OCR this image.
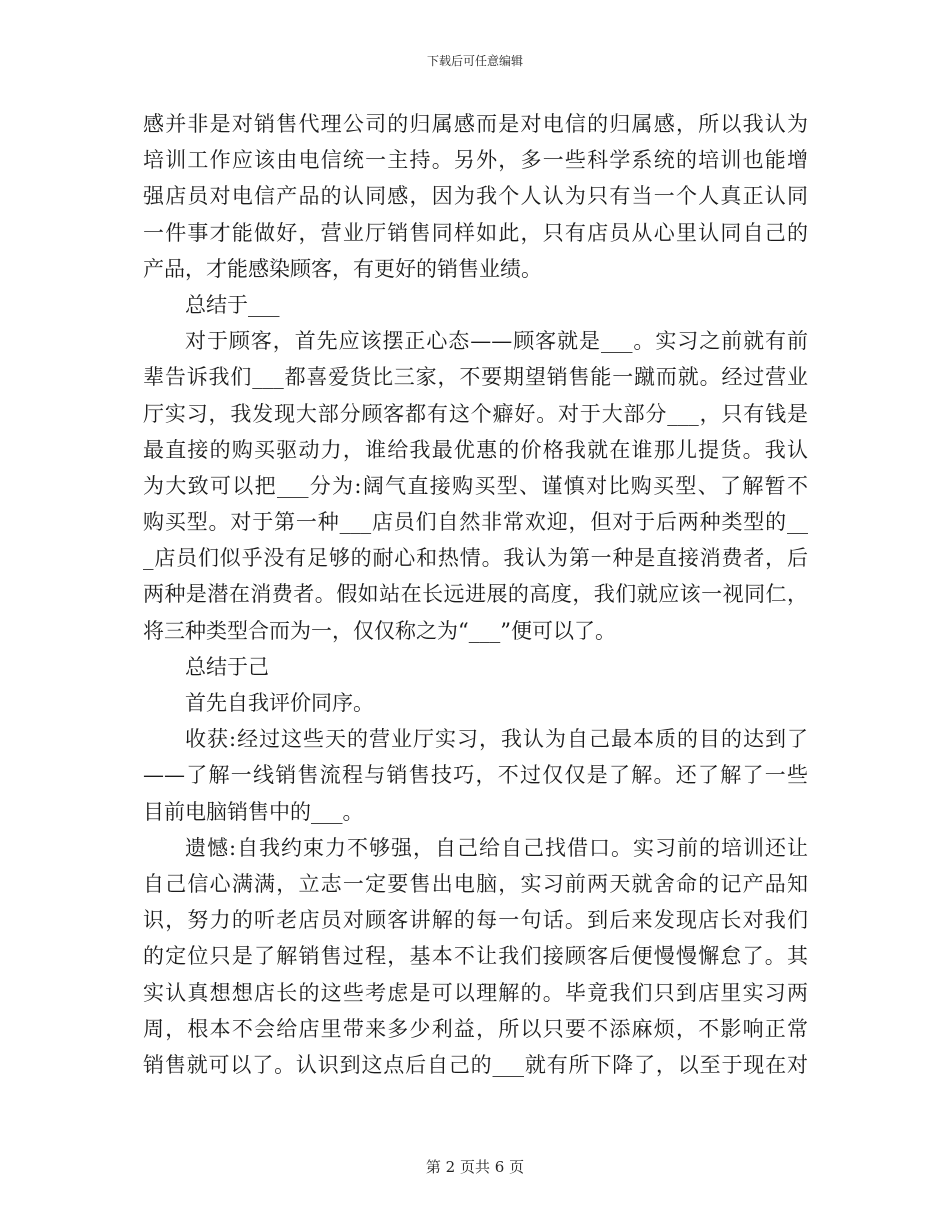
下载后可任意编辑
感并非是对销售代理公司的归属感而是对电信的归属感，所以我认为
培训工作应该由电信统一主持。另外，多一些科学系统的培训也能增
强店员对电信产品的认同感，因为我个人认为只有当一个人真正认同
一件事才能做好，营业厅销售同样如此，只有店员从心里认同自己的
产品，才能感染顾客，有更好的销售业绩。
总结于___
对于顾客，首先应该摆正心态——顾客就是___。实习之前就有前
辈告诉我们___都喜爱货比三家，不要期望销售能一蹴而就。经过营业
厅实习，我发现大部分顾客都有这个癖好。对于大部分___，只有钱是
最直接的购买驱动力，谁给我最优惠的价格我就在谁那儿提货。我认
为大致可以把___分为:阔气直接购买型、谨慎对比购买型、了解暂不
购买型。对于第一种___店员们自然非常欢迎，但对于后两种类型的__
_店员们似乎没有足够的耐心和热情。我认为第一种是直接消费者，后
两种是潜在消费者。假如站在长远进展的高度，我们就应该一视同仁，
将三种类型合而为一，仅仅称之为“___”便可以了。
总结于己
首先自我评价同序。
收获:经过这些天的营业厅实习，我认为自己最本质的目的达到了
——了解一线销售流程与销售技巧，不过仅仅是了解。还了解了一些
目前电脑销售中的___。
遗憾:自我约束力不够强，自己给自己找借口。实习前的培训还让
自己信心满满，立志一定要售出电脑，实习前两天就舍命的记产品知
识，努力的听老店员对顾客讲解的每一句话。到后来发现店长对我们
的定位只是了解销售过程，基本不让我们接顾客后便慢慢懈怠了。其
实认真想想店长的这些考虑是可以理解的。毕竟我们只到店里实习两
周，根本不会给店里带来多少利益，所以只要不添麻烦，不影响正常
销售就可以了。认识到这点后自己的___就有所下降了，以至于现在对
第 2 页共 6 页
